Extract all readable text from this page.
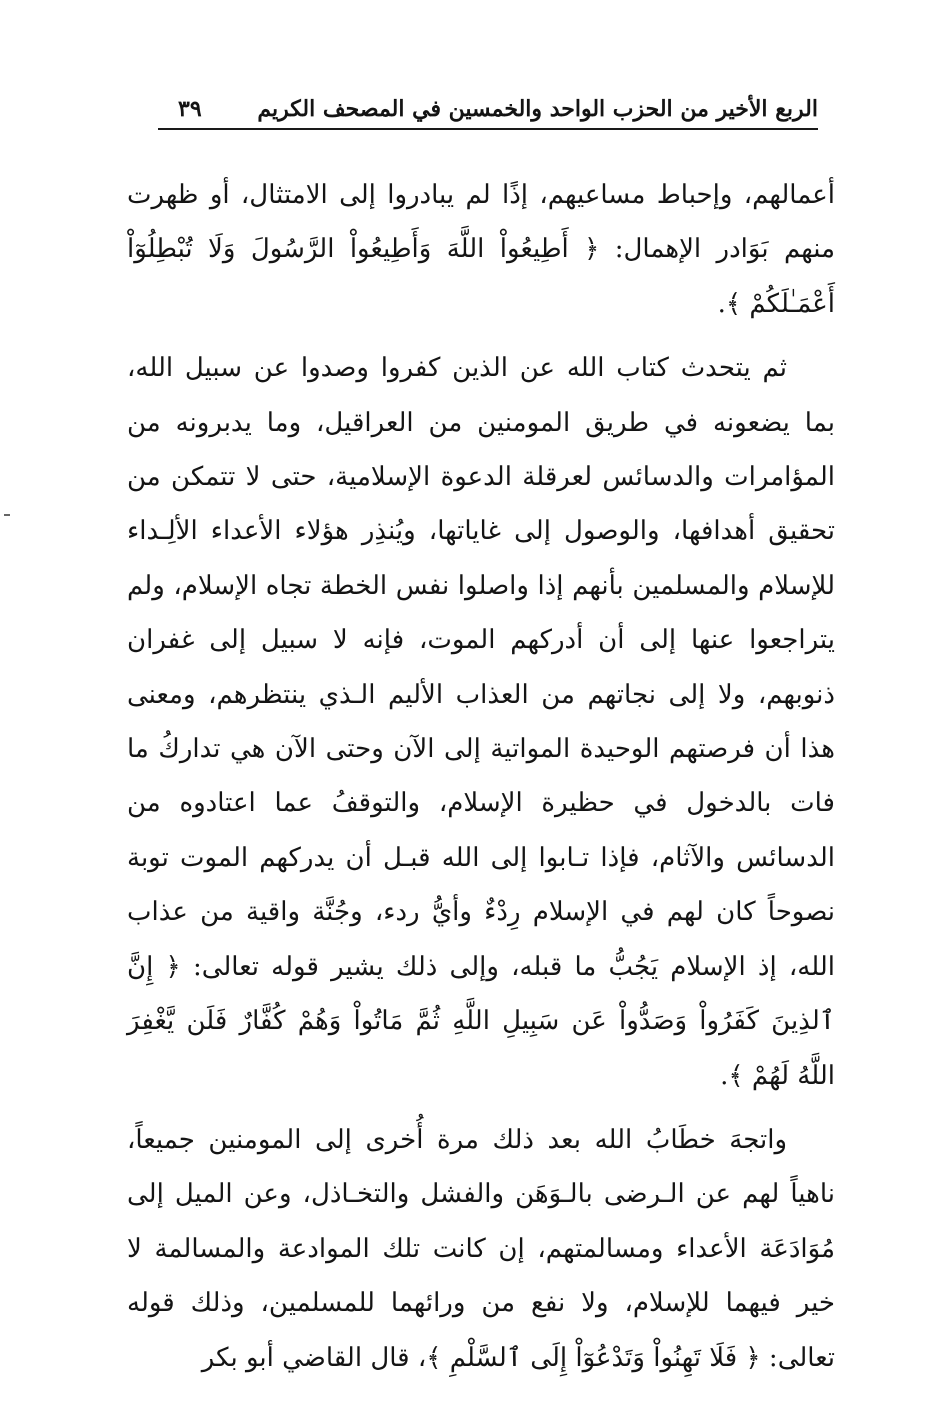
الربع الأخير من الحزب الواحد والخمسين في المصحف الكريم
٣٩

أعمالهم، وإحباط مساعيهم، إذًا لم يبادروا إلى الامتثال، أو ظهرت منهم بَوَادر الإهمال: ﴿ أَطِيعُواْ اللَّهَ وَأَطِيعُواْ الرَّسُولَ وَلَا تُبْطِلُوٓاْ أَعْمَـٰلَكُمْ ﴾.

ثم يتحدث كتاب الله عن الذين كفروا وصدوا عن سبيل الله، بما يضعونه في طريق المومنين من العراقيل، وما يدبرونه من المؤامرات والدسائس لعرقلة الدعوة الإسلامية، حتى لا تتمكن من تحقيق أهدافها، والوصول إلى غاياتها، ويُنذِر هؤلاء الأعداء الألِـداء للإسلام والمسلمين بأنهم إذا واصلوا نفس الخطة تجاه الإسلام، ولم يتراجعوا عنها إلى أن أدركهم الموت، فإنه لا سبيل إلى غفران ذنوبهم، ولا إلى نجاتهم من العذاب الأليم الـذي ينتظرهم، ومعنى هذا أن فرصتهم الوحيدة المواتية إلى الآن وحتى الآن هي تداركُ ما فات بالدخول في حظيرة الإسلام، والتوقفُ عما اعتادوه من الدسائس والآثام، فإذا تـابوا إلى الله قبـل أن يدركهم الموت توبة نصوحاً كان لهم في الإسلام رِدْءٌ وأيُّ ردء، وجُنَّة واقية من عذاب الله، إذ الإسلام يَجُبُّ ما قبله، وإلى ذلك يشير قوله تعالى: ﴿ إِنَّ ٱلذِينَ كَفَرُواْ وَصَدُّواْ عَن سَبِيلِ اللَّهِ ثُمَّ مَاتُواْ وَهُمْ كُفَّارٌ فَلَن يَّغْفِرَ اللَّهُ لَهُمْ ﴾.

واتجهَ خطَابُ الله بعد ذلك مرة أُخرى إلى المومنين جميعاً، ناهياً لهم عن الـرضى بالـوَهَن والفشل والتخـاذل، وعن الميل إلى مُوَادَعَة الأعداء ومسالمتهم، إن كانت تلك الموادعة والمسالمة لا خير فيهما للإسلام، ولا نفع من ورائهما للمسلمين، وذلك قوله تعالى: ﴿ فَلَا تَهِنُواْ وَتَدْعُوٓاْ إِلَى ٱلسَّلْمِ ﴾، قال القاضي أبو بكر
